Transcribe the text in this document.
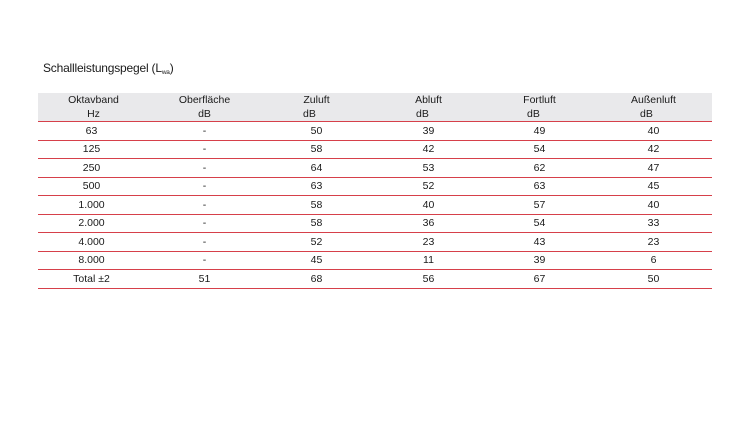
Schallleistungspegel $(L_{wa})$
Oktavband	Oberfläche	Zuluft	Abluft	Fortluft	Außenluft
Hz	dB	dB	dB	dB	dB
63	-	50	39	49	40
125	-	58	42	54	42
250	-	64	53	62	47
500	-	63	52	63	45
1.000	-	58	40	57	40
2.000	-	58	36	54	33
4.000	-	52	23	43	23
8.000	-	45	11	39	6
Total ±2	51	68	56	67	50
